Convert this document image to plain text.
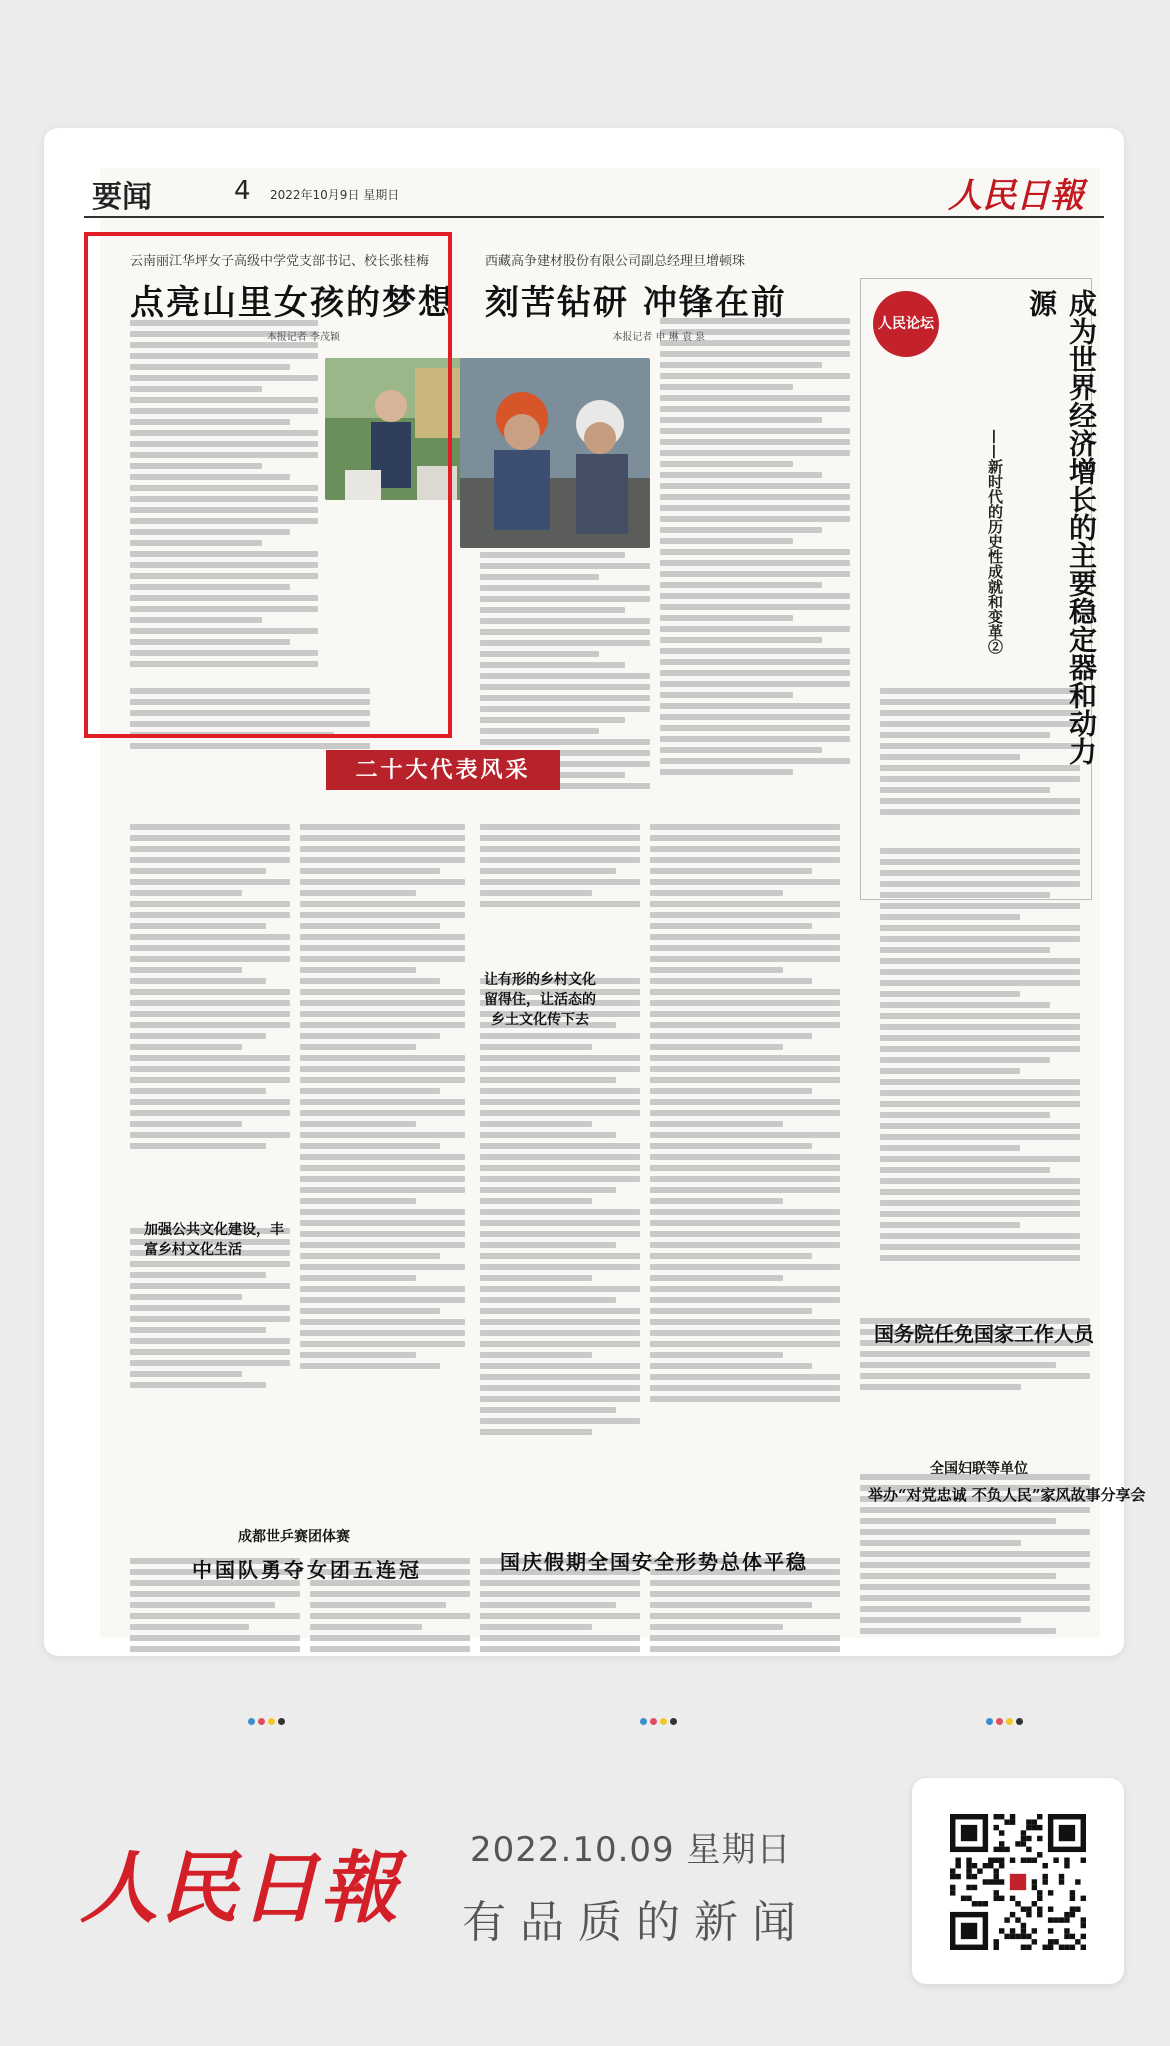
云南丽江华坪女子高级中学党支部书记、校长张桂梅
点亮山里女孩的梦想
本报记者 李茂颖
西藏高争建材股份有限公司副总经理旦增顿珠
刻苦钻研 冲锋在前
本报记者 申 琳 袁 泉
二十大代表风采
人民论坛	成为世界经济增长的主要稳定器和动力源
——新时代的历史性成就和变革②
让有形的乡村文化留得住，让活态的乡土文化传下去
加强公共文化建设，丰富乡村文化生活
国务院任免国家工作人员
全国妇联等单位
举办“对党忠诚 不负人民”家风故事分享会
成都世乒赛团体赛
中国队勇夺女团五连冠	国庆假期全国安全形势总体平稳
要闻	4 2022年10月9日 星期日	人民日報
人民日報 2022.10.09 星期日
有品质的新闻
